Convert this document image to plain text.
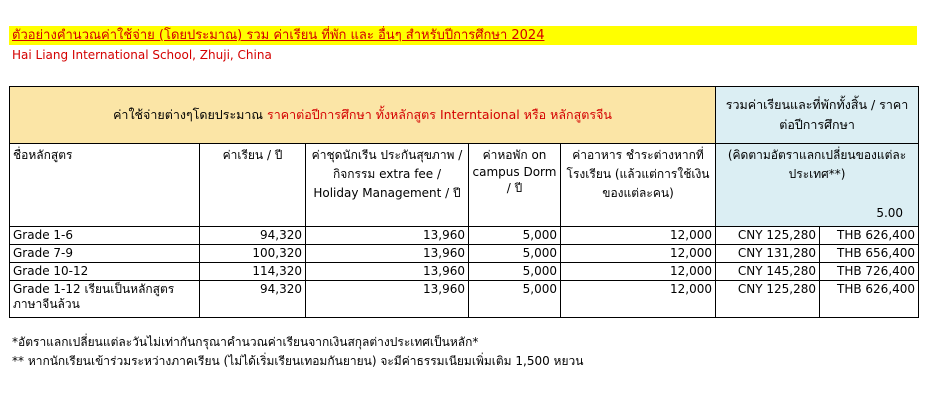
ตัวอย่างคำนวณค่าใช้จ่าย (โดยประมาณ) รวม ค่าเรียน ที่พัก และ อื่นๆ สำหรับปีการศึกษา 2024
Hai Liang International School, Zhuji, China
ค่าใช้จ่ายต่างๆโดยประมาณ ราคาต่อปีการศึกษา ทั้งหลักสูตร Interntaional หรือ หลักสูตรจีน					รวมค่าเรียนและที่พักทั้งสิ้น / ราคาต่อปีการศึกษา	
ชื่อหลักสูตร	ค่าเรียน / ปี	ค่าชุดนักเรีน ประกันสุขภาพ / กิจกรรม extra fee / Holiday Management / ปี	ค่าหอพัก on campus Dorm / ปี	ค่าอาหาร ชำระต่างหากที่โรงเรียน (แล้วแต่การใช้เงินของแต่ละคน)	(คิดตามอัตราแลกเปลี่ยนของแต่ละประเทศ**)
5.00	

Grade 1-6	94,320	13,960	5,000	12,000	CNY 125,280	THB 626,400
Grade 7-9	100,320	13,960	5,000	12,000	CNY 131,280	THB 656,400
Grade 10-12	114,320	13,960	5,000	12,000	CNY 145,280	THB 726,400
Grade 1-12 เรียนเป็นหลักสูตรภาษาจีนล้วน	94,320	13,960	5,000	12,000	CNY 125,280	THB 626,400
*อัตราแลกเปลี่ยนแต่ละวันไม่เท่ากันกรุณาคำนวณค่าเรียนจากเงินสกุลต่างประเทศเป็นหลัก*
** หากนักเรียนเข้าร่วมระหว่างภาคเรียน (ไม่ได้เริ่มเรียนเทอมกันยายน) จะมีค่าธรรมเนียมเพิ่มเติม 1,500 หยวน
